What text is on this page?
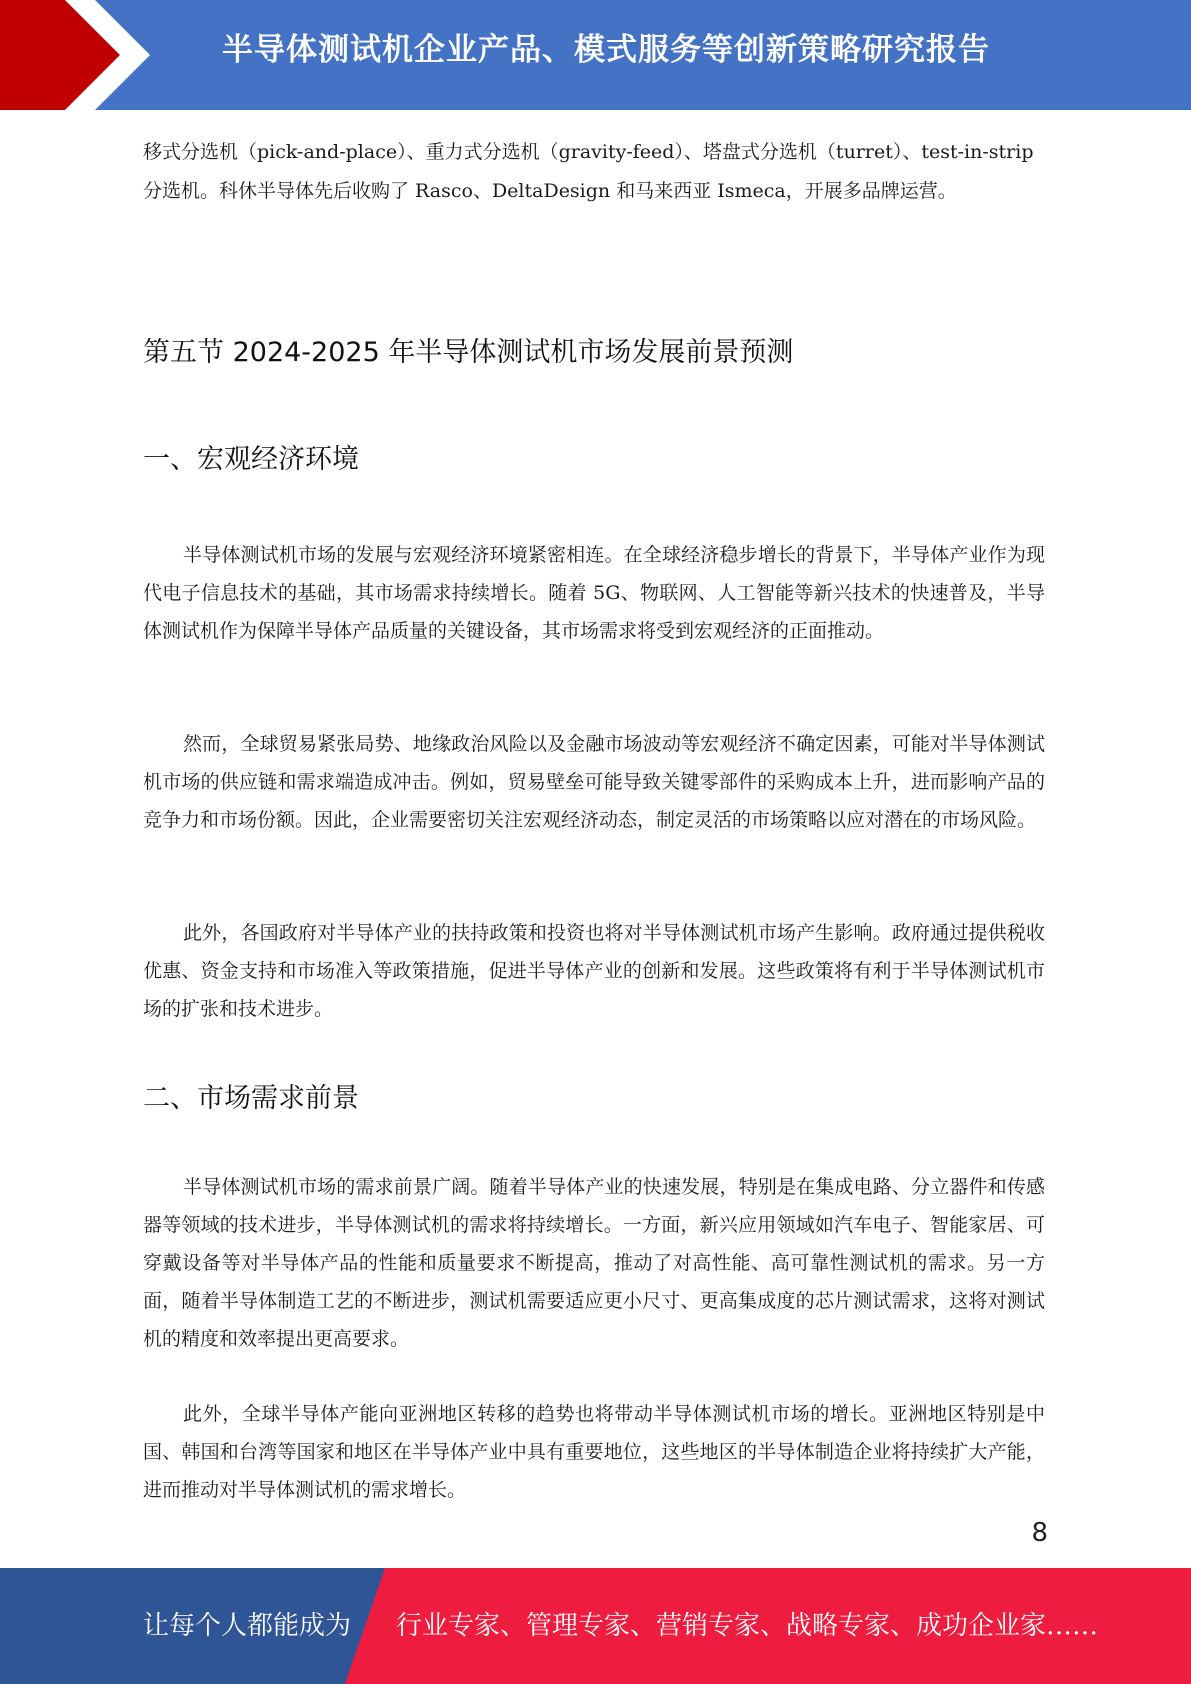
半导体测试机企业产品、模式服务等创新策略研究报告

移式分选机（pick-and-place）、重力式分选机（gravity-feed）、塔盘式分选机（turret）、test-in-strip 分选机。科休半导体先后收购了 Rasco、DeltaDesign 和马来西亚 Ismeca，开展多品牌运营。

第五节 2024-2025 年半导体测试机市场发展前景预测
一、宏观经济环境

半导体测试机市场的发展与宏观经济环境紧密相连。在全球经济稳步增长的背景下，半导体产业作为现代电子信息技术的基础，其市场需求持续增长。随着 5G、物联网、人工智能等新兴技术的快速普及，半导体测试机作为保障半导体产品质量的关键设备，其市场需求将受到宏观经济的正面推动。

然而，全球贸易紧张局势、地缘政治风险以及金融市场波动等宏观经济不确定因素，可能对半导体测试机市场的供应链和需求端造成冲击。例如，贸易壁垒可能导致关键零部件的采购成本上升，进而影响产品的竞争力和市场份额。因此，企业需要密切关注宏观经济动态，制定灵活的市场策略以应对潜在的市场风险。

此外，各国政府对半导体产业的扶持政策和投资也将对半导体测试机市场产生影响。政府通过提供税收优惠、资金支持和市场准入等政策措施，促进半导体产业的创新和发展。这些政策将有利于半导体测试机市场的扩张和技术进步。

二、市场需求前景

半导体测试机市场的需求前景广阔。随着半导体产业的快速发展，特别是在集成电路、分立器件和传感器等领域的技术进步，半导体测试机的需求将持续增长。一方面，新兴应用领域如汽车电子、智能家居、可穿戴设备等对半导体产品的性能和质量要求不断提高，推动了对高性能、高可靠性测试机的需求。另一方面，随着半导体制造工艺的不断进步，测试机需要适应更小尺寸、更高集成度的芯片测试需求，这将对测试机的精度和效率提出更高要求。

此外，全球半导体产能向亚洲地区转移的趋势也将带动半导体测试机市场的增长。亚洲地区特别是中国、韩国和台湾等国家和地区在半导体产业中具有重要地位，这些地区的半导体制造企业将持续扩大产能，进而推动对半导体测试机的需求增长。

8
让每个人都能成为 行业专家、管理专家、营销专家、战略专家、成功企业家……
